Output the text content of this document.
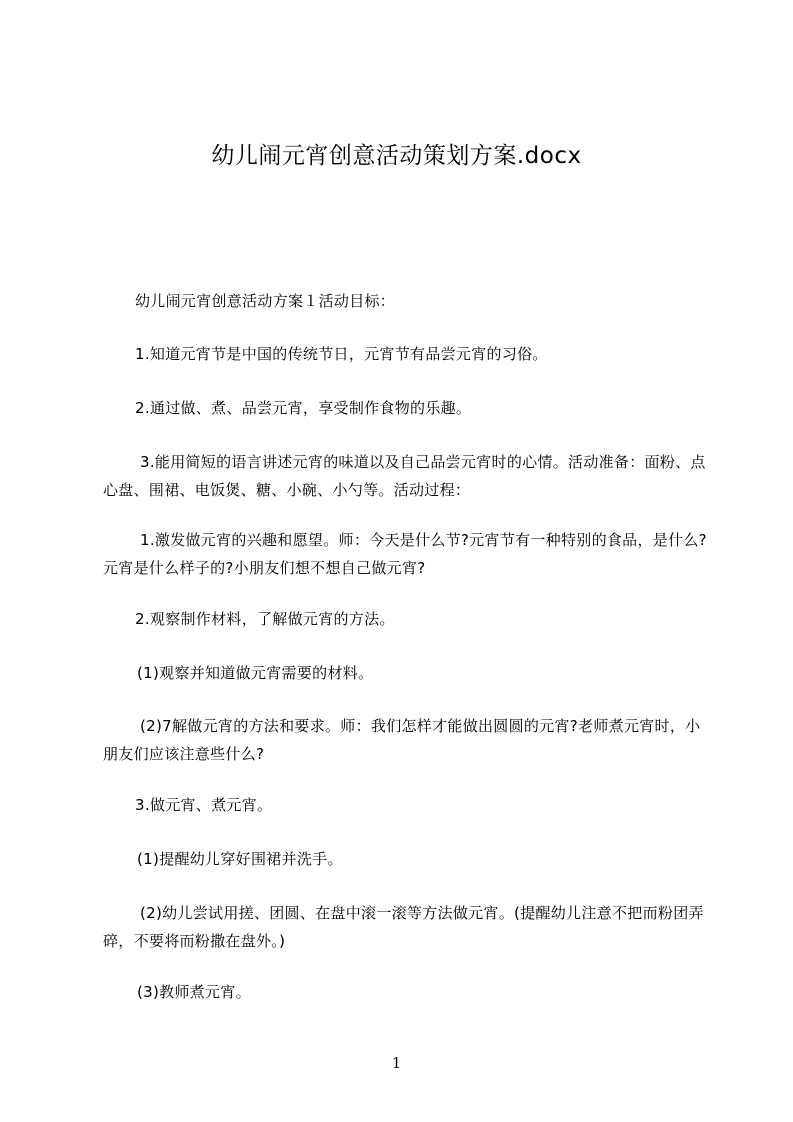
幼儿闹元宵创意活动策划方案.docx

幼儿闹元宵创意活动方案１活动目标：

1.知道元宵节是中国的传统节日，元宵节有品尝元宵的习俗。

2.通过做、煮、品尝元宵，享受制作食物的乐趣。

3.能用简短的语言讲述元宵的味道以及自己品尝元宵时的心情。活动准备：面粉、点心盘、围裙、电饭煲、糖、小碗、小勺等。活动过程：

1.激发做元宵的兴趣和愿望。师：今天是什么节?元宵节有一种特别的食品，是什么?元宵是什么样子的?小朋友们想不想自己做元宵?

2.观察制作材料，了解做元宵的方法。

(1)观察并知道做元宵需要的材料。

(2)7解做元宵的方法和要求。师：我们怎样才能做出圆圆的元宵?老师煮元宵时，小朋友们应该注意些什么?

3.做元宵、煮元宵。

(1)提醒幼儿穿好围裙并洗手。

(2)幼儿尝试用搓、团圆、在盘中滚一滚等方法做元宵。(提醒幼儿注意不把而粉团弄碎，不要将而粉撒在盘外。)

(3)教师煮元宵。

1
